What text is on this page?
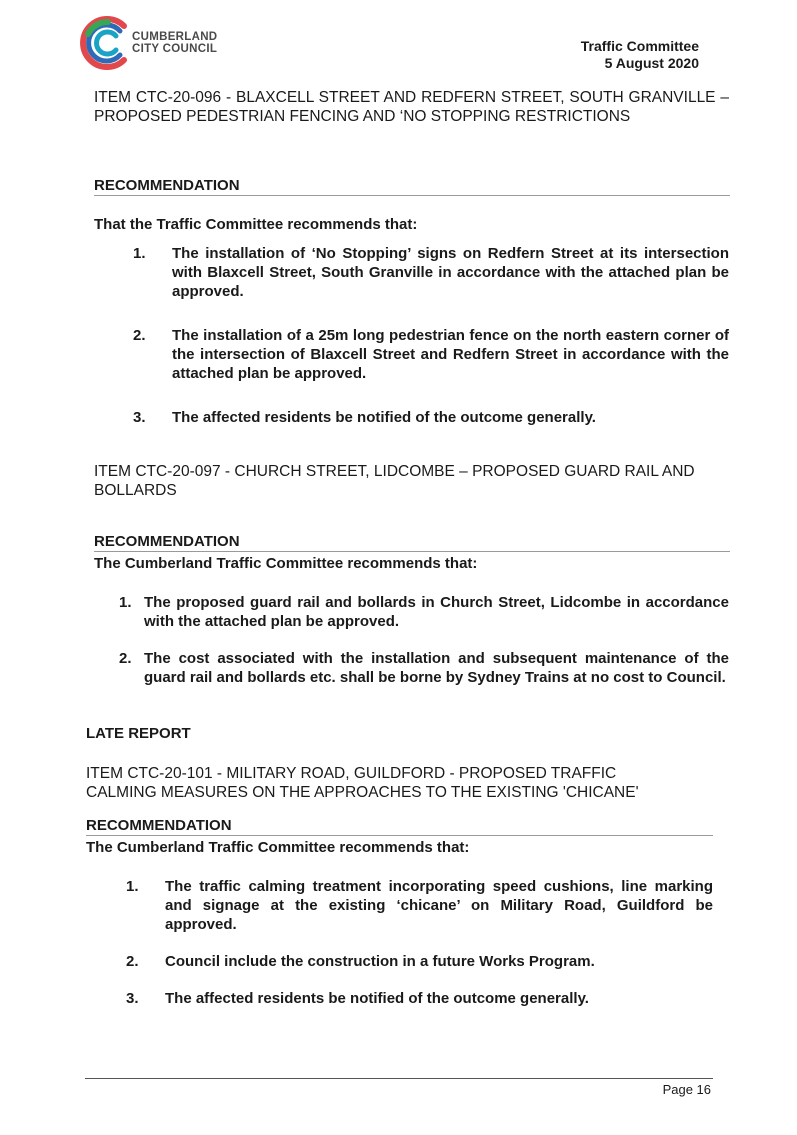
CUMBERLAND
CITY COUNCIL	Traffic Committee
5 August 2020
ITEM CTC-20-096 - BLAXCELL STREET AND REDFERN STREET, SOUTH GRANVILLE – PROPOSED PEDESTRIAN FENCING AND ‘NO STOPPING RESTRICTIONS
RECOMMENDATION
That the Traffic Committee recommends that:
1. The installation of ‘No Stopping’ signs on Redfern Street at its intersection with Blaxcell Street, South Granville in accordance with the attached plan be approved.
2. The installation of a 25m long pedestrian fence on the north eastern corner of the intersection of Blaxcell Street and Redfern Street in accordance with the attached plan be approved.
3. The affected residents be notified of the outcome generally.
ITEM CTC-20-097 - CHURCH STREET, LIDCOMBE – PROPOSED GUARD RAIL AND BOLLARDS
RECOMMENDATION
The Cumberland Traffic Committee recommends that:
1. The proposed guard rail and bollards in Church Street, Lidcombe in accordance with the attached plan be approved.
2. The cost associated with the installation and subsequent maintenance of the guard rail and bollards etc. shall be borne by Sydney Trains at no cost to Council.
LATE REPORT
ITEM CTC-20-101 - MILITARY ROAD, GUILDFORD - PROPOSED TRAFFIC
CALMING MEASURES ON THE APPROACHES TO THE EXISTING 'CHICANE'
RECOMMENDATION
The Cumberland Traffic Committee recommends that:
1. The traffic calming treatment incorporating speed cushions, line marking and signage at the existing ‘chicane’ on Military Road, Guildford be approved.
2. Council include the construction in a future Works Program.
3. The affected residents be notified of the outcome generally.
Page 16
